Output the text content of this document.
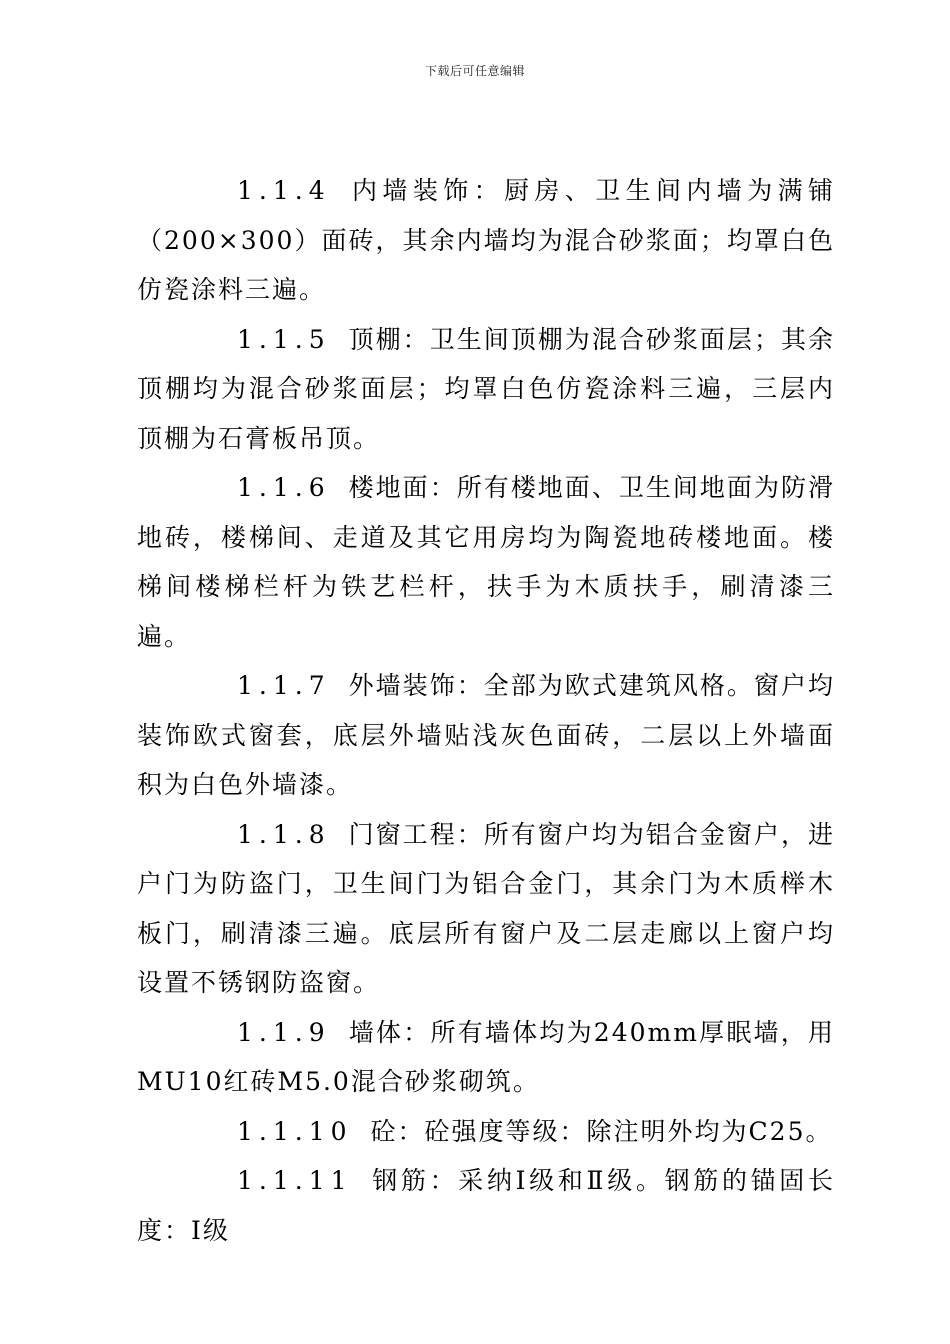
下载后可任意编辑

1.1.4 内墙装饰：厨房、卫生间内墙为满铺（200×300）面砖，其余内墙均为混合砂浆面；均罩白色仿瓷涂料三遍。

1.1.5 顶棚：卫生间顶棚为混合砂浆面层；其余顶棚均为混合砂浆面层；均罩白色仿瓷涂料三遍，三层内顶棚为石膏板吊顶。

1.1.6 楼地面：所有楼地面、卫生间地面为防滑地砖，楼梯间、走道及其它用房均为陶瓷地砖楼地面。楼梯间楼梯栏杆为铁艺栏杆，扶手为木质扶手，刷清漆三遍。

1.1.7 外墙装饰：全部为欧式建筑风格。窗户均装饰欧式窗套，底层外墙贴浅灰色面砖，二层以上外墙面积为白色外墙漆。

1.1.8 门窗工程：所有窗户均为铝合金窗户，进户门为防盗门，卫生间门为铝合金门，其余门为木质榉木板门，刷清漆三遍。底层所有窗户及二层走廊以上窗户均设置不锈钢防盗窗。

1.1.9 墙体：所有墙体均为240mm厚眠墙，用MU10红砖M5.0混合砂浆砌筑。

1.1.10 砼：砼强度等级：除注明外均为C25。

1.1.11 钢筋：采纳Ⅰ级和Ⅱ级。钢筋的锚固长度：Ⅰ级
